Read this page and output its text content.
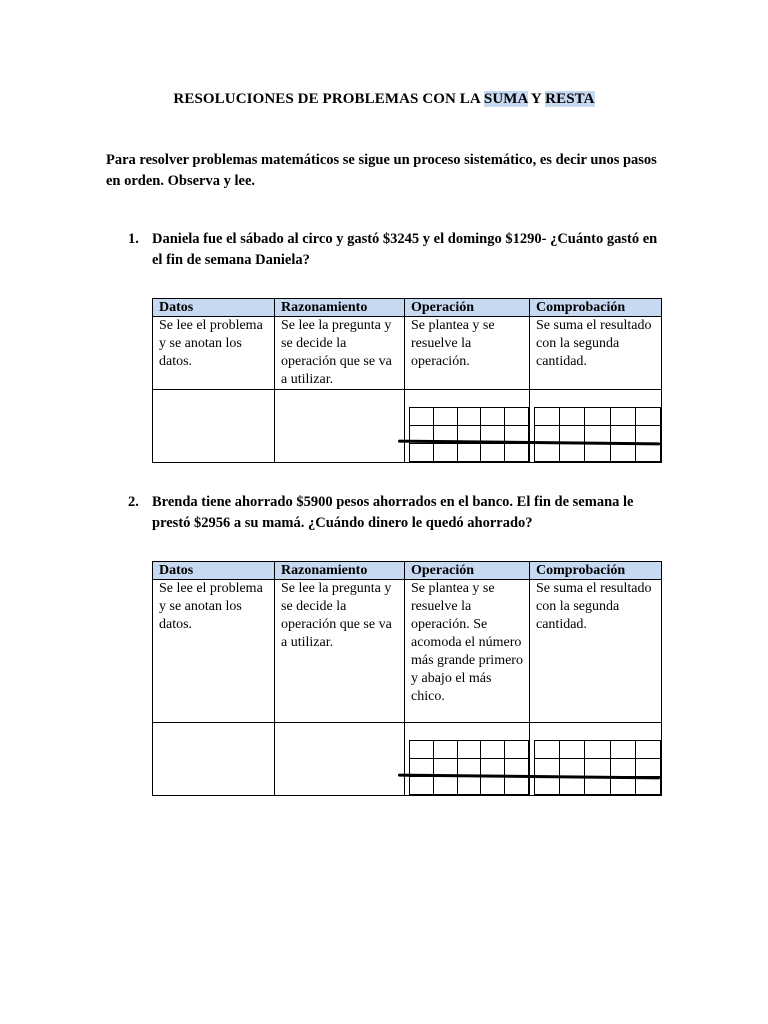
RESOLUCIONES DE PROBLEMAS CON LA SUMA Y RESTA
Para resolver problemas matemáticos se sigue un proceso sistemático, es decir unos pasos en orden. Observa y lee.
1. Daniela fue el sábado al circo y gastó $3245 y el domingo $1290- ¿Cuánto gastó en el fin de semana Daniela?
Datos	Razonamiento	Operación	Comprobación
Se lee el problema y se anotan los datos.	Se lee la pregunta y se decide la operación que se va a utilizar.	Se plantea y se resuelve la operación.	Se suma el resultado con la segunda cantidad.

2. Brenda tiene ahorrado $5900 pesos ahorrados en el banco. El fin de semana le prestó $2956 a su mamá. ¿Cuándo dinero le quedó ahorrado?
Datos	Razonamiento	Operación	Comprobación
Se lee el problema y se anotan los datos.	Se lee la pregunta y se decide la operación que se va a utilizar.	Se plantea y se resuelve la operación. Se acomoda el número más grande primero y abajo el más chico.	Se suma el resultado con la segunda cantidad.
